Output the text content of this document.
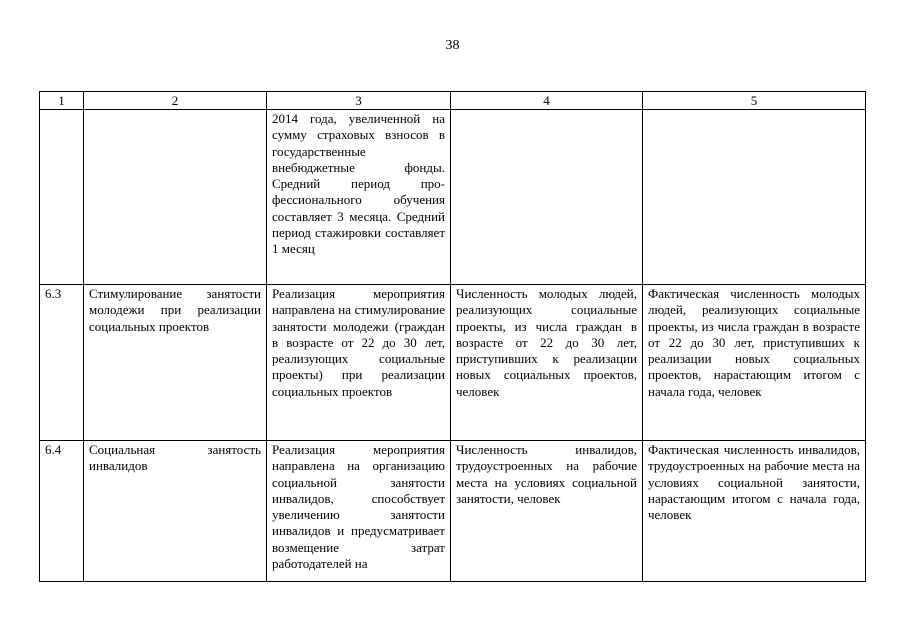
38
1	2	3	4	5
		2014 года, увеличенной на сумму страховых взносов в государственные внебюджетные фонды. Средний период профессионального обучения составляет 3 месяца. Средний период стажировки составляет 1 месяц		
6.3	Стимулирование занятости молодежи при реализации социальных проектов	Реализация мероприятия направлена на стимулирование занятости молодежи (граждан в возрасте от 22 до 30 лет, реализующих социальные проекты) при реализации социальных проектов	Численность молодых людей, реализующих социальные проекты, из числа граждан в возрасте от 22 до 30 лет, приступивших к реализации новых социальных проектов, человек	Фактическая численность молодых людей, реализующих социальные проекты, из числа граждан в возрасте от 22 до 30 лет, приступивших к реализации новых социальных проектов, нарастающим итогом с начала года, человек
6.4	Социальная занятость инвалидов	Реализация мероприятия направлена на организацию социальной занятости инвалидов, способствует увеличению занятости инвалидов и предусматривает возмещение затрат работодателей на	Численность инвалидов, трудоустроенных на рабочие места на условиях социальной занятости, человек	Фактическая численность инвалидов, трудоустроенных на рабочие места на условиях социальной занятости, нарастающим итогом с начала года, человек
